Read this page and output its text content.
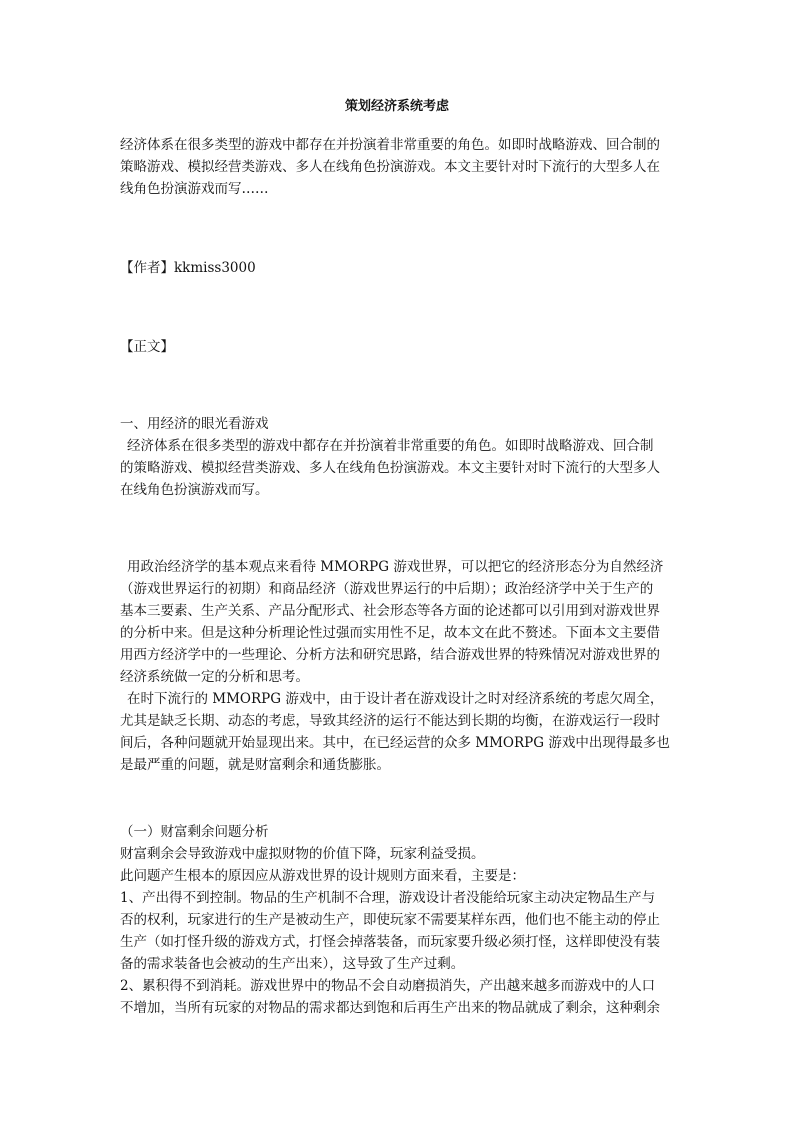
策划经济系统考虑

经济体系在很多类型的游戏中都存在并扮演着非常重要的角色。如即时战略游戏、回合制的
策略游戏、模拟经营类游戏、多人在线角色扮演游戏。本文主要针对时下流行的大型多人在
线角色扮演游戏而写……

【作者】kkmiss3000

【正文】

一、用经济的眼光看游戏

经济体系在很多类型的游戏中都存在并扮演着非常重要的角色。如即时战略游戏、回合制
的策略游戏、模拟经营类游戏、多人在线角色扮演游戏。本文主要针对时下流行的大型多人
在线角色扮演游戏而写。

用政治经济学的基本观点来看待 MMORPG 游戏世界，可以把它的经济形态分为自然经济
（游戏世界运行的初期）和商品经济（游戏世界运行的中后期）；政治经济学中关于生产的
基本三要素、生产关系、产品分配形式、社会形态等各方面的论述都可以引用到对游戏世界
的分析中来。但是这种分析理论性过强而实用性不足，故本文在此不赘述。下面本文主要借
用西方经济学中的一些理论、分析方法和研究思路，结合游戏世界的特殊情况对游戏世界的
经济系统做一定的分析和思考。

在时下流行的 MMORPG 游戏中，由于设计者在游戏设计之时对经济系统的考虑欠周全，
尤其是缺乏长期、动态的考虑，导致其经济的运行不能达到长期的均衡，在游戏运行一段时
间后，各种问题就开始显现出来。其中，在已经运营的众多 MMORPG 游戏中出现得最多也
是最严重的问题，就是财富剩余和通货膨胀。

（一）财富剩余问题分析

财富剩余会导致游戏中虚拟财物的价值下降，玩家利益受损。
此问题产生根本的原因应从游戏世界的设计规则方面来看，主要是：
1、产出得不到控制。物品的生产机制不合理，游戏设计者没能给玩家主动决定物品生产与
否的权利，玩家进行的生产是被动生产，即使玩家不需要某样东西，他们也不能主动的停止
生产（如打怪升级的游戏方式，打怪会掉落装备，而玩家要升级必须打怪，这样即使没有装
备的需求装备也会被动的生产出来），这导致了生产过剩。
2、累积得不到消耗。游戏世界中的物品不会自动磨损消失，产出越来越多而游戏中的人口
不增加，当所有玩家的对物品的需求都达到饱和后再生产出来的物品就成了剩余，这种剩余
